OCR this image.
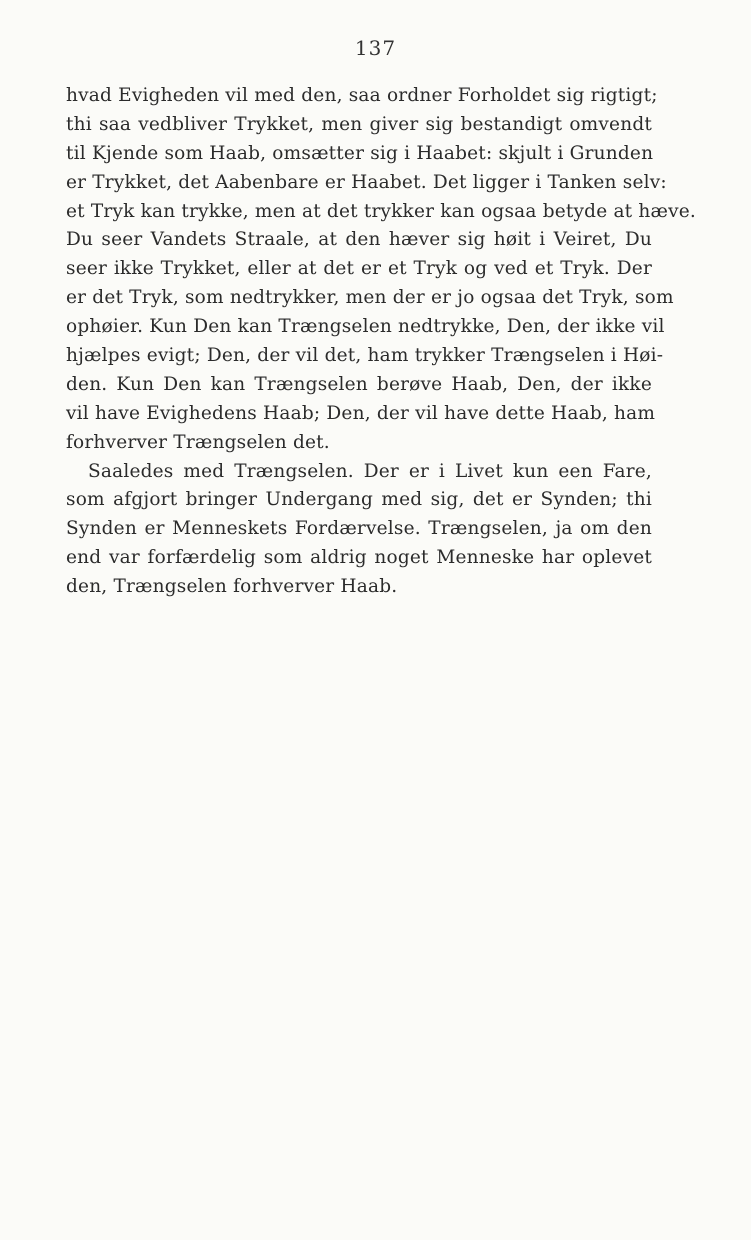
137
hvad Evigheden vil med den, saa ordner Forholdet sig rigtigt;
thi saa vedbliver Trykket, men giver sig bestandigt omvendt
til Kjende som Haab, omsætter sig i Haabet: skjult i Grunden
er Trykket, det Aabenbare er Haabet. Det ligger i Tanken selv:
et Tryk kan trykke, men at det trykker kan ogsaa betyde at hæve.
Du seer Vandets Straale, at den hæver sig høit i Veiret, Du
seer ikke Trykket, eller at det er et Tryk og ved et Tryk. Der
er det Tryk, som nedtrykker, men der er jo ogsaa det Tryk, som
ophøier. Kun Den kan Trængselen nedtrykke, Den, der ikke vil
hjælpes evigt; Den, der vil det, ham trykker Trængselen i Høi-
den. Kun Den kan Trængselen berøve Haab, Den, der ikke
vil have Evighedens Haab; Den, der vil have dette Haab, ham
forhverver Trængselen det.
Saaledes med Trængselen. Der er i Livet kun een Fare,
som afgjort bringer Undergang med sig, det er Synden; thi
Synden er Menneskets Fordærvelse. Trængselen, ja om den
end var forfærdelig som aldrig noget Menneske har oplevet
den, Trængselen forhverver Haab.
